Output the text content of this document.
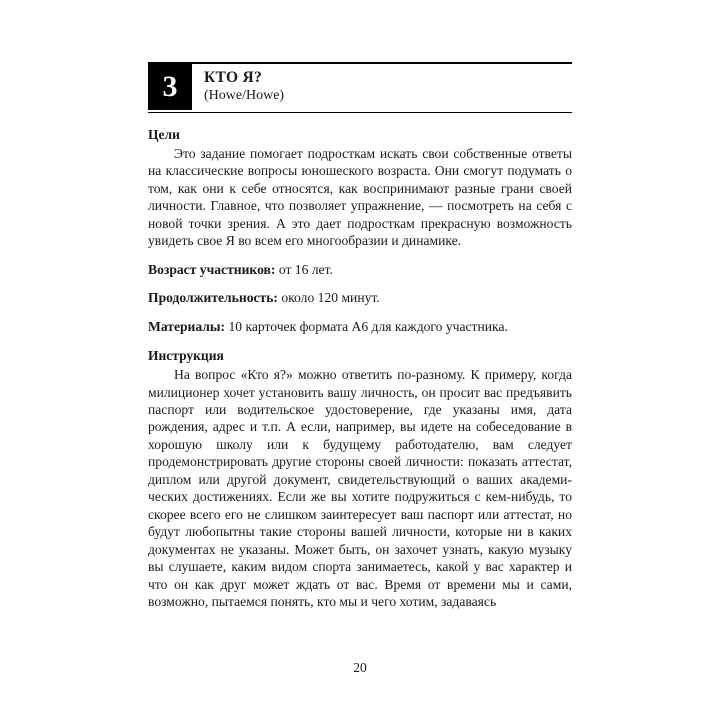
3	КТО Я?
(Howe/Howe)
Цели

Это задание помогает подросткам искать свои собственные ответы на классические вопросы юношеского возраста. Они смогут подумать о том, как они к себе относятся, как воспринимают разные грани своей личности. Главное, что позволяет упражнение, — посмотреть на себя с новой точки зрения. А это дает подросткам прекрасную возможность увидеть свое Я во всем его многообразии и динамике.

Возраст участников: от 16 лет.

Продолжительность: около 120 минут.

Материалы: 10 карточек формата А6 для каждого участника.

Инструкция

На вопрос «Кто я?» можно ответить по-разному. К примеру, когда милиционер хочет установить вашу личность, он просит вас предъявить паспорт или водительское удостоверение, где указаны имя, дата рождения, адрес и т.п. А если, например, вы идете на собеседование в хорошую школу или к будущему работодателю, вам следует продемонстрировать другие стороны своей личности: показать аттестат, диплом или другой документ, свидетельствующий о ваших академических достижениях. Если же вы хотите подружиться с кем-нибудь, то скорее всего его не слишком заинтересует ваш паспорт или аттестат, но будут любопытны такие стороны вашей личности, которые ни в каких документах не указаны. Может быть, он захочет узнать, какую музыку вы слушаете, каким видом спорта занимаетесь, какой у вас характер и что он как друг может ждать от вас. Время от времени мы и сами, возможно, пытаемся понять, кто мы и чего хотим, задаваясь

20
